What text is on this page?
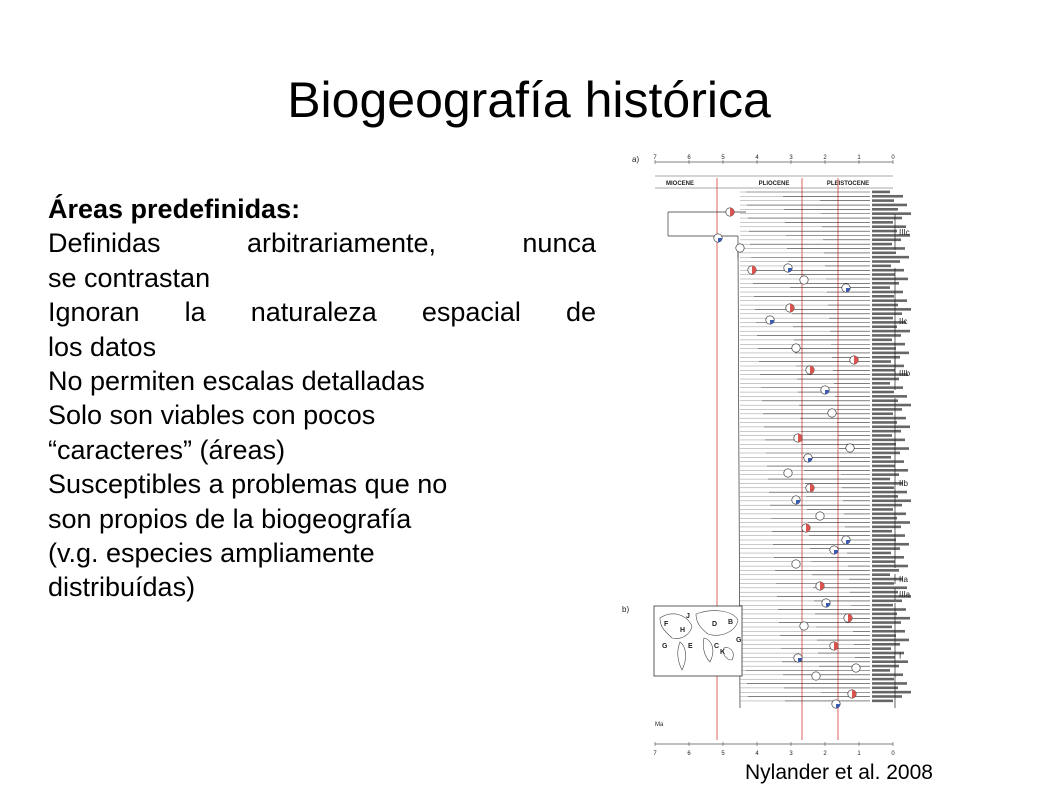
Biogeografía histórica
Áreas predefinidas:
Definidas	arbitrariamente,	nunca
se contrastan
Ignoran la naturaleza espacial de
los datos
No permiten escalas detalladas
Solo son viables con pocos
“caracteres” (áreas)
Susceptibles a problemas que no
son propios de la biogeografía
(v.g. especies ampliamente
distribuídas)
a) 7	6	5	4	3	2	1	0
7	6	5	4	3	2	1	0
Ma
MIOCENE	PLIOCENE	PLEISTOCENE
IIIc
IIc
IIIb
IIb
IIa
IIIa
I
b)
F
J
H
D B
G
E	C
G
K
Nylander et al. 2008
